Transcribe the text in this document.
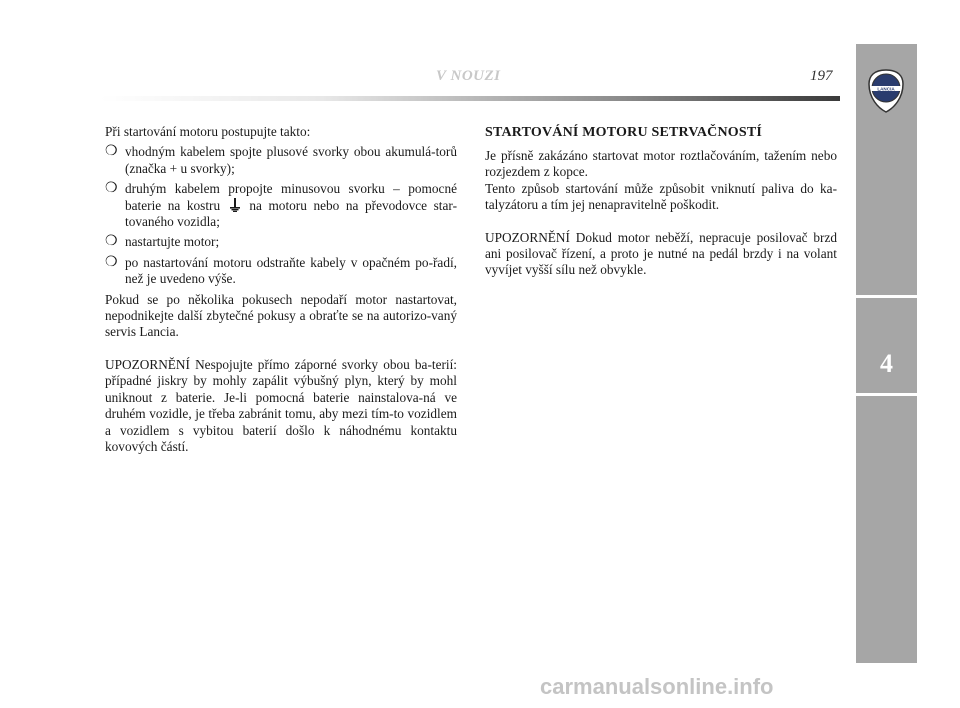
V NOUZI	197
LANCIA
4

Při startování motoru postupujte takto:

❍ vhodným kabelem spojte plusové svorky obou akumulá-torů (značka + u svorky);
❍ druhým kabelem propojte minusovou svorku – pomocné baterie na kostru na motoru nebo na převodovce star-tovaného vozidla;
❍ nastartujte motor;
❍ po nastartování motoru odstraňte kabely v opačném po-řadí, než je uvedeno výše.

Pokud se po několika pokusech nepodaří motor nastartovat, nepodnikejte další zbytečné pokusy a obraťte se na autorizo-vaný servis Lancia.

UPOZORNĚNÍ Nespojujte přímo záporné svorky obou ba-terií: případné jiskry by mohly zapálit výbušný plyn, který by mohl uniknout z baterie. Je-li pomocná baterie nainstalova-ná ve druhém vozidle, je třeba zabránit tomu, aby mezi tím-to vozidlem a vozidlem s vybitou baterií došlo k náhodnému kontaktu kovových částí.

STARTOVÁNÍ MOTORU SETRVAČNOSTÍ

Je přísně zakázáno startovat motor roztlačováním, tažením nebo rozjezdem z kopce.

Tento způsob startování může způsobit vniknutí paliva do ka-talyzátoru a tím jej nenapravitelně poškodit.

UPOZORNĚNÍ Dokud motor neběží, nepracuje posilovač brzd ani posilovač řízení, a proto je nutné na pedál brzdy i na volant vyvíjet vyšší sílu než obvykle.

carmanualsonline.info
